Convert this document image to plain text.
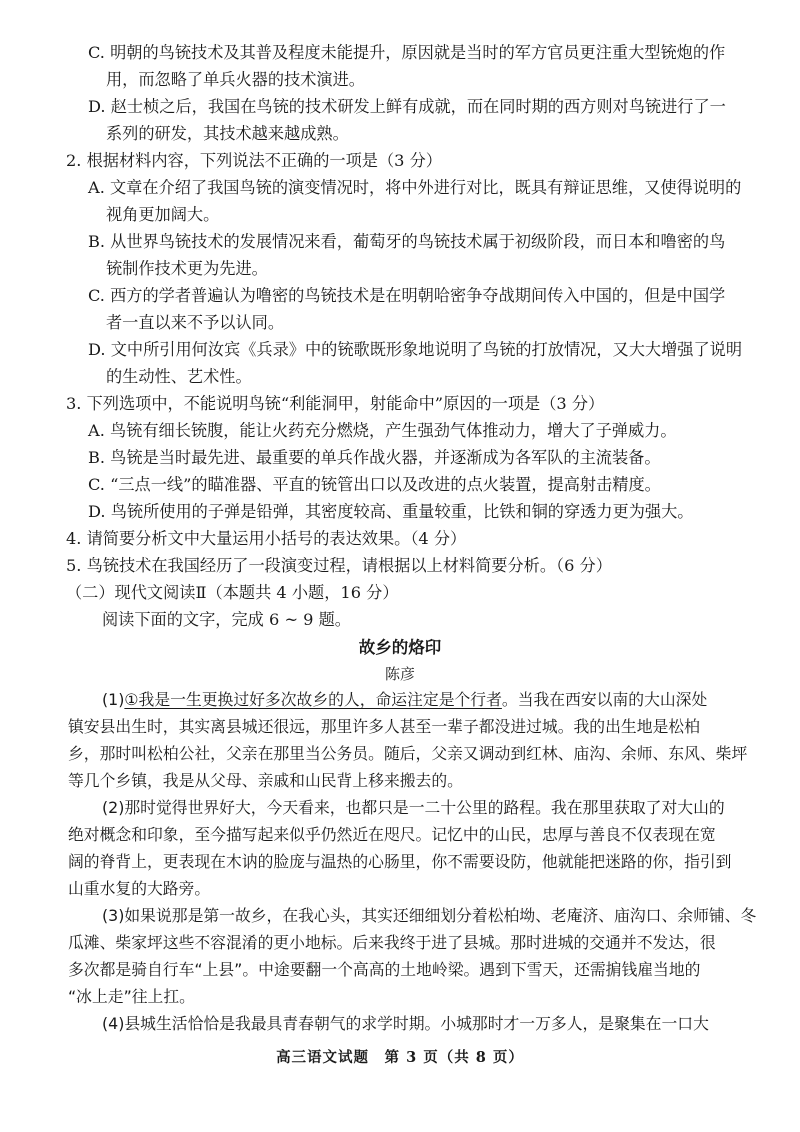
C. 明朝的鸟铳技术及其普及程度未能提升，原因就是当时的军方官员更注重大型铳炮的作
用，而忽略了单兵火器的技术演进。
D. 赵士桢之后，我国在鸟铳的技术研发上鲜有成就，而在同时期的西方则对鸟铳进行了一
系列的研发，其技术越来越成熟。
2. 根据材料内容，下列说法不正确的一项是（3 分）
A. 文章在介绍了我国鸟铳的演变情况时，将中外进行对比，既具有辩证思维，又使得说明的
视角更加阔大。
B. 从世界鸟铳技术的发展情况来看，葡萄牙的鸟铳技术属于初级阶段，而日本和噜密的鸟
铳制作技术更为先进。
C. 西方的学者普遍认为噜密的鸟铳技术是在明朝哈密争夺战期间传入中国的，但是中国学
者一直以来不予以认同。
D. 文中所引用何汝宾《兵录》中的铳歌既形象地说明了鸟铳的打放情况，又大大增强了说明
的生动性、艺术性。
3. 下列选项中，不能说明鸟铳“利能洞甲，射能命中”原因的一项是（3 分）
A. 鸟铳有细长铳腹，能让火药充分燃烧，产生强劲气体推动力，增大了子弹威力。
B. 鸟铳是当时最先进、最重要的单兵作战火器，并逐渐成为各军队的主流装备。
C. “三点一线”的瞄准器、平直的铳管出口以及改进的点火装置，提高射击精度。
D. 鸟铳所使用的子弹是铅弹，其密度较高、重量较重，比铁和铜的穿透力更为强大。
4. 请简要分析文中大量运用小括号的表达效果。（4 分）
5. 鸟铳技术在我国经历了一段演变过程，请根据以上材料简要分析。（6 分）
（二）现代文阅读Ⅱ（本题共 4 小题，16 分）
阅读下面的文字，完成 6 ~ 9 题。
故乡的烙印
陈彦
(1)①我是一生更换过好多次故乡的人，命运注定是个行者。当我在西安以南的大山深处
镇安县出生时，其实离县城还很远，那里许多人甚至一辈子都没进过城。我的出生地是松柏
乡，那时叫松柏公社，父亲在那里当公务员。随后，父亲又调动到红林、庙沟、余师、东风、柴坪
等几个乡镇，我是从父母、亲戚和山民背上移来搬去的。
(2)那时觉得世界好大，今天看来，也都只是一二十公里的路程。我在那里获取了对大山的
绝对概念和印象，至今描写起来似乎仍然近在咫尺。记忆中的山民，忠厚与善良不仅表现在宽
阔的脊背上，更表现在木讷的脸庞与温热的心肠里，你不需要设防，他就能把迷路的你，指引到
山重水复的大路旁。
(3)如果说那是第一故乡，在我心头，其实还细细划分着松柏坳、老庵济、庙沟口、余师铺、冬
瓜滩、柴家坪这些不容混淆的更小地标。后来我终于进了县城。那时进城的交通并不发达，很
多次都是骑自行车“上县”。中途要翻一个高高的土地岭梁。遇到下雪天，还需掮钱雇当地的
“冰上走”往上扛。
(4)县城生活恰恰是我最具青春朝气的求学时期。小城那时才一万多人，是聚集在一口大
高三语文试题　第 3 页（共 8 页）
